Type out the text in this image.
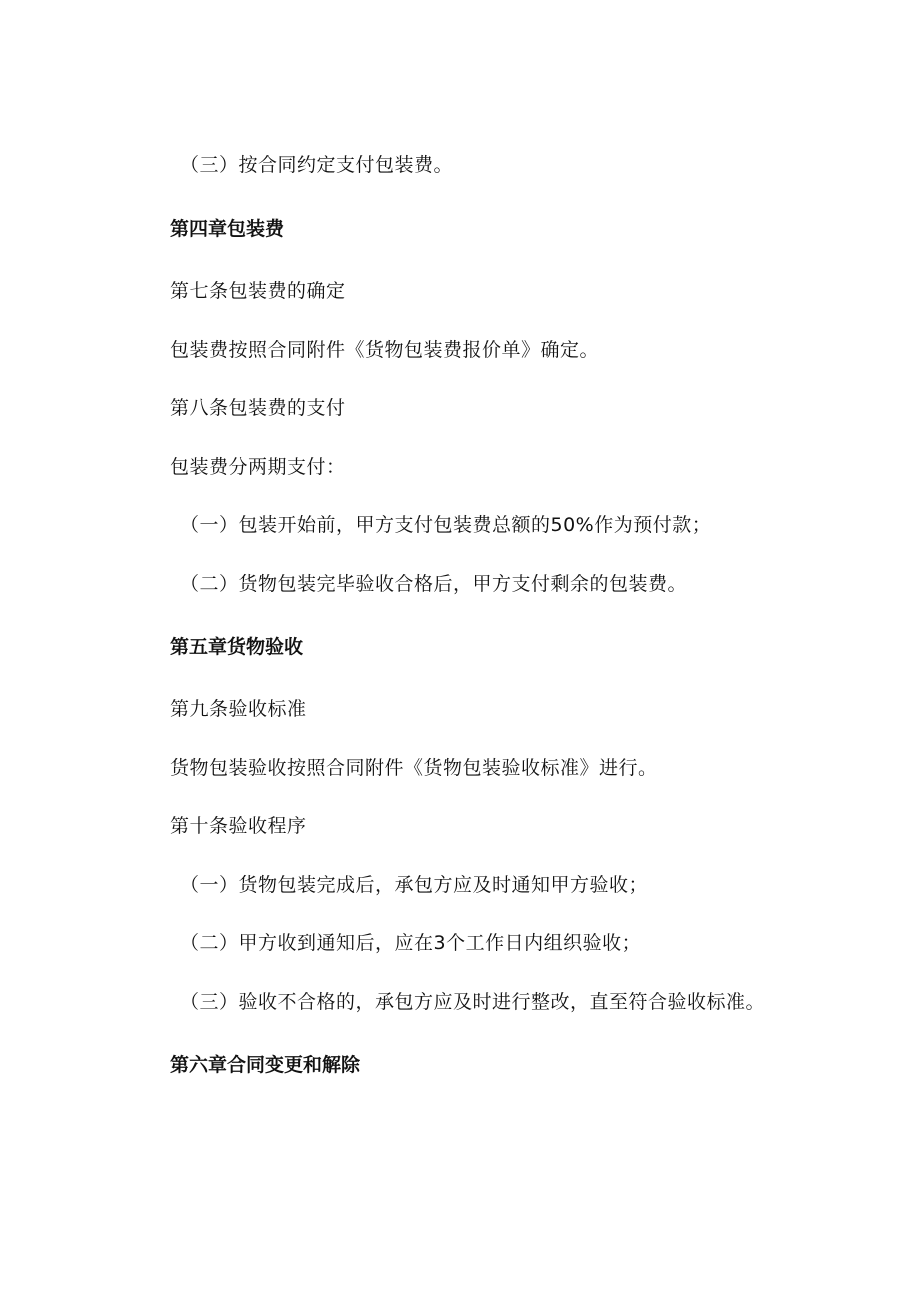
（三）按合同约定支付包装费。
第四章包装费
第七条包装费的确定
包装费按照合同附件《货物包装费报价单》确定。
第八条包装费的支付
包装费分两期支付：
（一）包装开始前，甲方支付包装费总额的50%作为预付款；
（二）货物包装完毕验收合格后，甲方支付剩余的包装费。
第五章货物验收
第九条验收标准
货物包装验收按照合同附件《货物包装验收标准》进行。
第十条验收程序
（一）货物包装完成后，承包方应及时通知甲方验收；
（二）甲方收到通知后，应在3个工作日内组织验收；
（三）验收不合格的，承包方应及时进行整改，直至符合验收标准。
第六章合同变更和解除
